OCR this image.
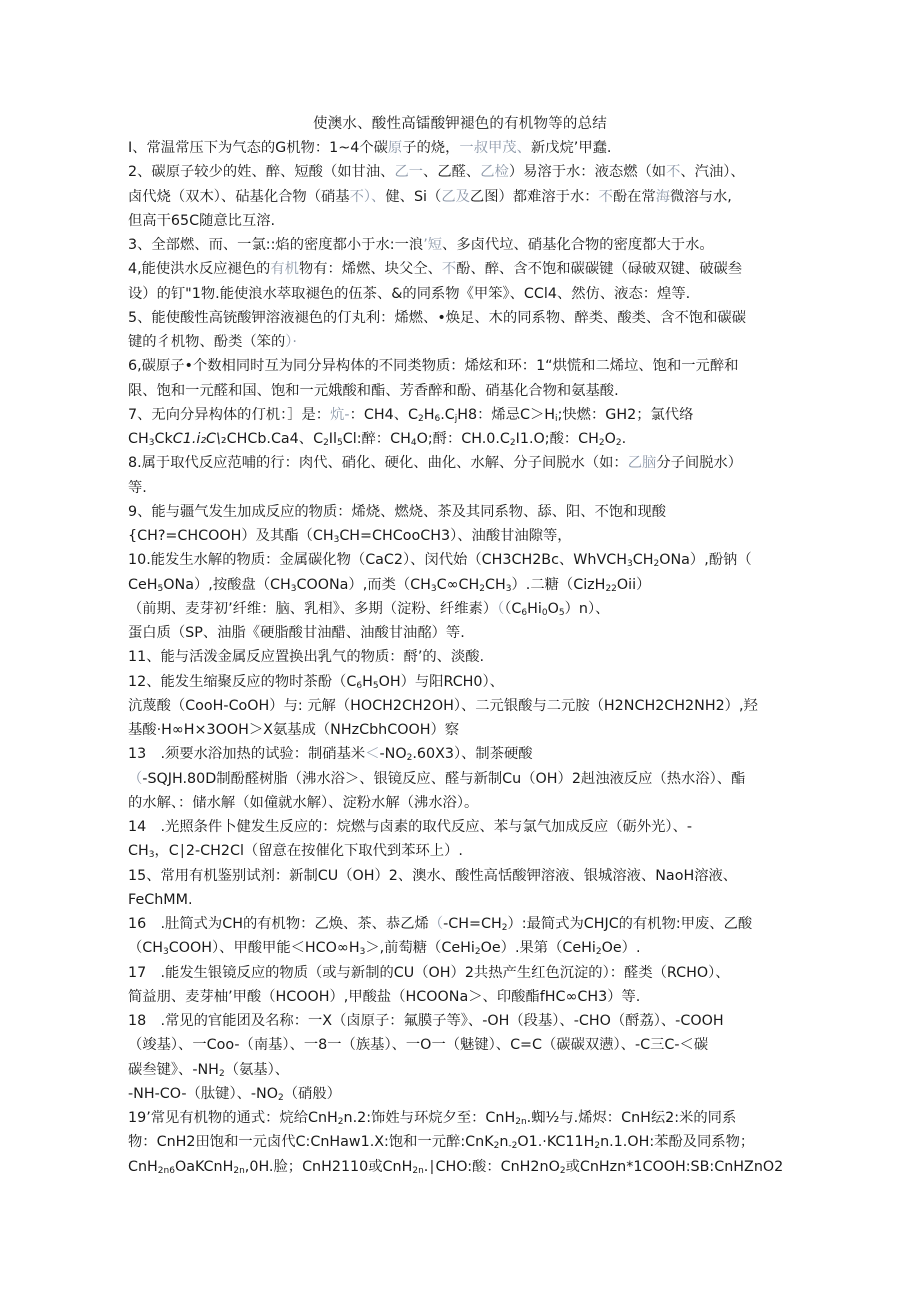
使澳水、酸性高镭酸钾褪色的有机物等的总结
I、常温常压下为气态的G机物：1~4个碳原子的烧，一叔甲茂、新戊烷’甲蠢.
2、碳原子较少的姓、醉、短酸（如甘油、乙一、乙醛、乙检）易溶于水：液态燃（如不、汽油）、
卤代烧（双木）、砧基化合物（硝基不）、健、Si（乙及乙图）都难溶于水：不酚在常海微溶与水,
但高干65C随意比互溶.
3、全部燃、而、一氯::焰的密度都小于水:一浪’短、多卤代垃、硝基化合物的密度都大于水。
4,能使洪水反应褪色的有机物有：烯燃、块父仝、不酚、醉、含不饱和碳碳键（碌破双键、破碳叁
设）的钉"1物.能使浪水萃取褪色的伍茶、&的同系物《甲笨》、CCl4、然仿、液态：煌等.
5、能使酸性高铳酸钾溶液褪色的仃丸利：烯燃、•焕足、木的同系物、醉类、酸类、含不饱和碳碳
键的彳机物、酚类（笨的）·
6,碳原子•个数相同时互为同分异构体的不同类物质：烯炫和环：1“烘慌和二烯垃、饱和一元醉和
限、饱和一元醛和国、饱和一元娥酸和酯、芳香醉和酚、硝基化合物和氨基酸.
7、无向分异构体的仃机：］是：炕-：CH4、$C_2H_6.C_jH8$：烯忌$C>H_i$;快燃：GH2；氯代络
$CH_3CkC1.i_2C\backslash_2CHCb.Ca4$、$C_2Il_5Cl$:醉：$CH_4O$;酹：$CH.0.C_2I1.O$;酸：$CH_2O_2$.
8.属于取代反应范哺的行：肉代、硝化、硬化、曲化、水解、分子间脱水（如：乙脑分子间脱水）
等.
9、能与疆气发生加成反应的物质：烯烧、燃烧、茶及其同系物、舔、阳、不饱和现酸
{CH?=CHCOOH）及其酯$(CH_3CH=CHCooCH3)$、油酸甘油隙等，
10.能发生水解的物质：金属碳化物（CaC2）、闵代始（CH3CH2Bc、$WhVCH_3CH_2ONa$）,酚钠（
CeH$_5$ONa）,按酸盘$(CH_3COONa)$,而类$(CH_3C\infty CH_2CH_3)$.二糖（CizH$_{22}$Oii）
（前期、麦芽初’纤维：脑、乳相》、多期（淀粉、纤维素）$((C_6Hi_0O_5)n)$、
蛋白质（SP、油脂《硬脂酸甘油醋、油酸甘油酩）等.
11、能与活泼金属反应置换出乳气的物质：酹’的、淡酸.
12、能发生缩聚反应的物时茶酚$(C_6H_5OH)$与阳RCH0）、
沆蔑酸（CooH-CoOH）与: 元解（HOCH2CH2OH）、二元银酸与二元胺（H2NCH2CH2NH2）,羟
基酸·H∞H×3OOH＞X氨基成（NHzCbhCOOH）察
13　.须要水浴加热的试验：制硝基米$<-NO_2.60X3$）、制茶硬酸
（-SQJH.80D制酚醛树脂（沸水浴＞、银镜反应、醛与新制Cu（OH）2赳浊液反应（热水浴）、酯
的水解、：储水解（如僮就水解）、淀粉水解（沸水浴）。
14　.光照条件卜健发生反应的：烷燃与卤素的取代反应、苯与氯气加成反应（砺外光）、-
$CH_3$，C∣2-CH2Cl（留意在按催化下取代到苯环上）.
15、常用有机鉴别试剂：新制CU（OH）2、澳水、酸性高恬酸钾溶液、银城溶液、NaoH溶液、
FeChMM.
16　.肚简式为CH的有机物：乙焕、茶、恭乙烯$(-CH=CH_2)$:最简式为CHJC的有机物:甲废、乙酸
$(CH_3COOH)$、甲酸甲能$<HCO\infty H_3>$,前萄糖（CeHi$_2$Oe）.果第（CeHi$_2$Oe）.
17　.能发生银镜反应的物质（或与新制的CU（OH）2共热产生红色沉淀的）：醛类（RCHO）、
简益朋、麦芽柚’甲酸（HCOOH）,甲酸盐（HCOONa＞、印酸酯fHC∞CH3）等.
18　.常见的官能团及名称：一X（卤原子：氟膜子等》、-OH（段基）、-CHO（酹荔）、-COOH
（竣基）、一Coo-（南基）、一8一（族基）、一O一（魅键）、C=C（碳碳双懑）、-C三C-＜碳
碳叁键》、$-NH_2$（氨基）、
-NH-CO-（肽键）、$-NO_2$（硝般）
19’常见有机物的通式：烷给CnH$_2$n.2:饰姓与环烷夕至：CnH$_{2n}$.蜘½与.烯烬：CnH纭2:米的同系
物：CnH2田饱和一元卤代C:CnHaw1.X:饱和一元醉$:CnK_2n_{-2}O1.\cdot KC11H_2n.1.OH$:苯酚及同系物；
CnH$_{2n6}$OaKCnH$_{2n}$,0H.脸；CnH2110或CnH$_{2n}$.∣CHO:酸：$CnH2nO_2$或CnHzn*1COOH:SB:CnHZnO2
